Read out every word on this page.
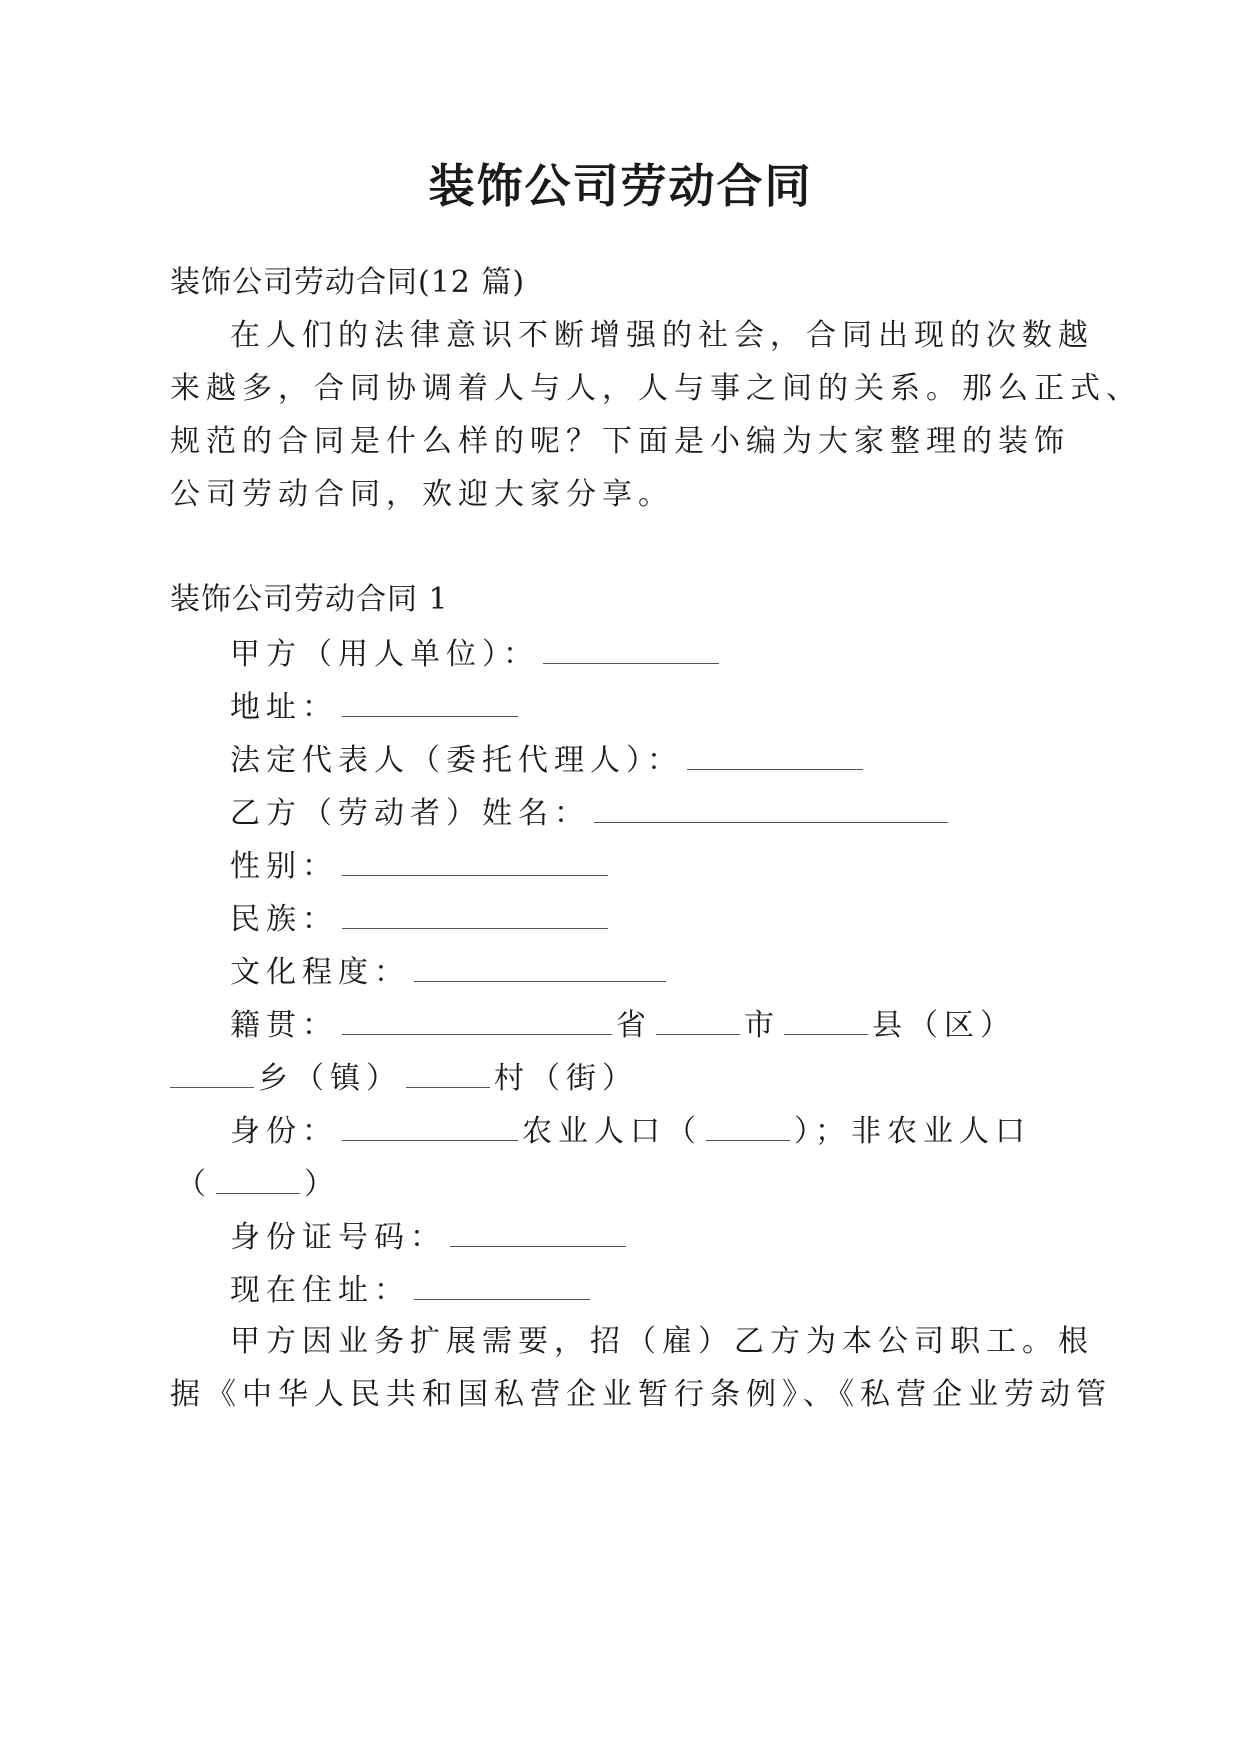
装饰公司劳动合同
装饰公司劳动合同(12 篇)
在人们的法律意识不断增强的社会，合同出现的次数越
来越多，合同协调着人与人，人与事之间的关系。那么正式、
规范的合同是什么样的呢？下面是小编为大家整理的装饰
公司劳动合同，欢迎大家分享。
装饰公司劳动合同 1
甲方（用人单位）：
地址：
法定代表人（委托代理人）：
乙方（劳动者）姓名：
性别：
民族：
文化程度：
籍贯：	省	市	县（区）
乡（镇）	村（街）
身份：	农业人口（	）；非农业人口
（	）
身份证号码：
现在住址：
甲方因业务扩展需要，招（雇）乙方为本公司职工。根
据《中华人民共和国私营企业暂行条例》、《私营企业劳动管
